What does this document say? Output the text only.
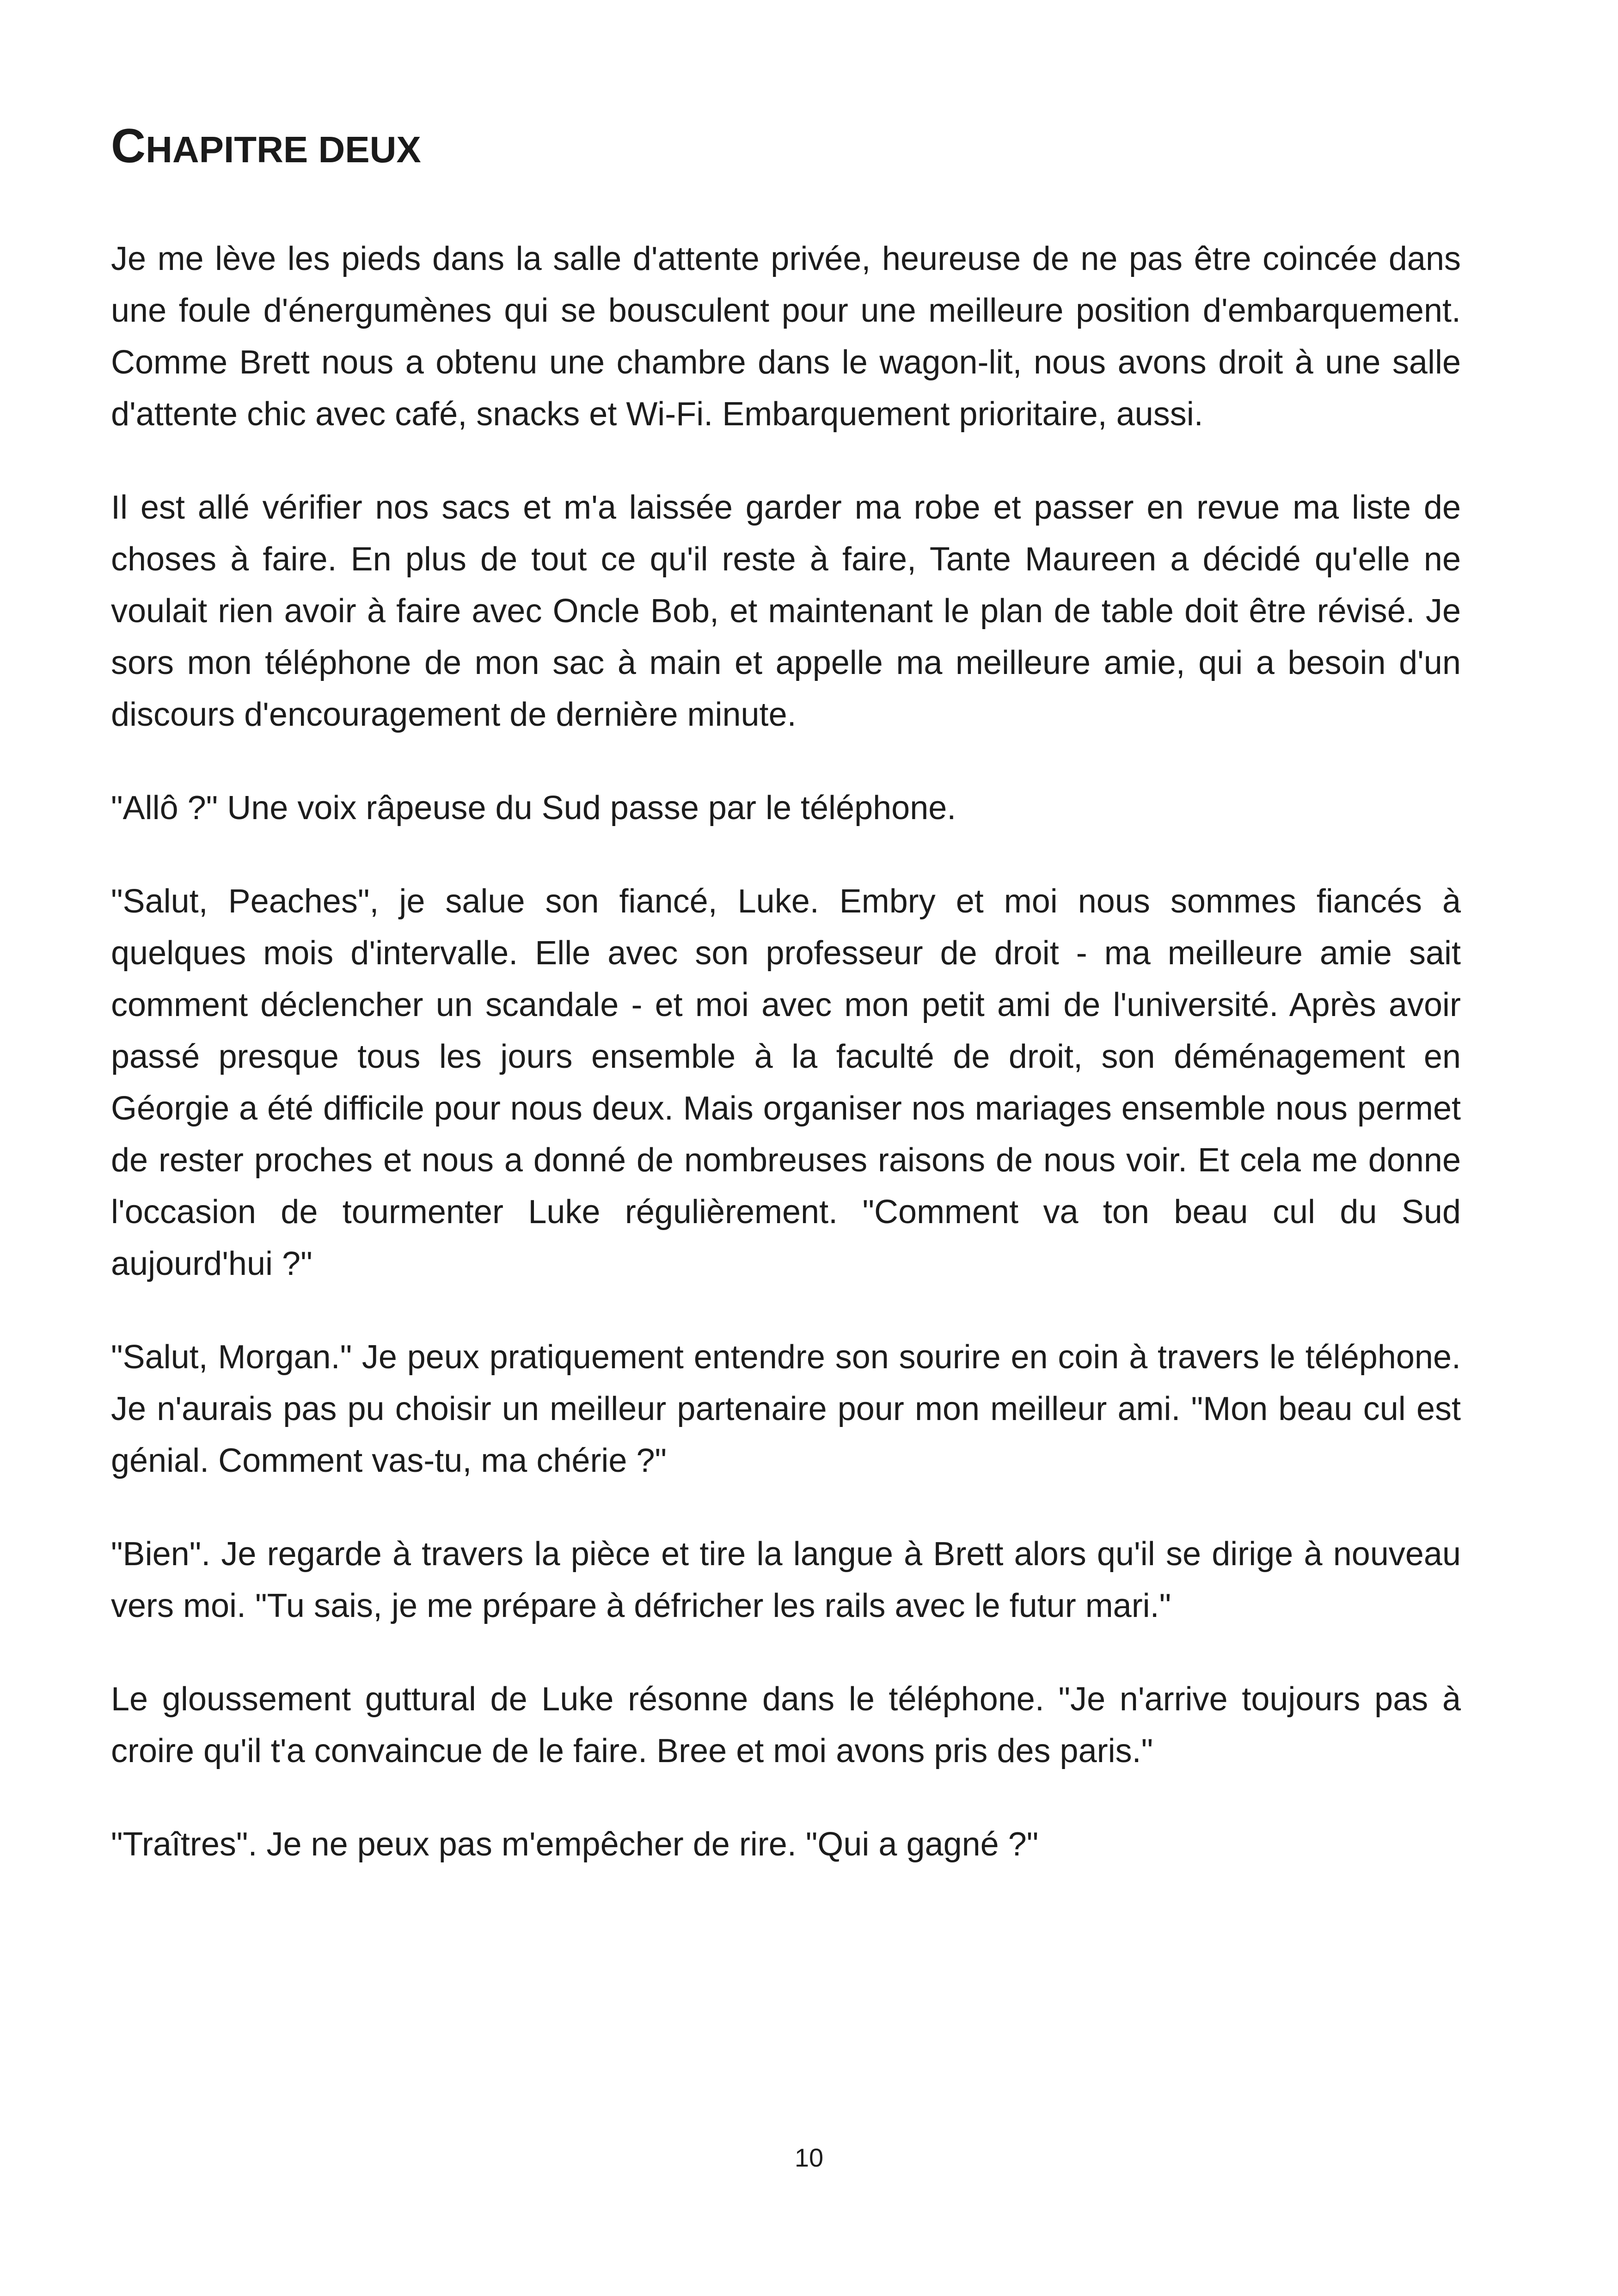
CHAPITRE DEUX

Je me lève les pieds dans la salle d'attente privée, heureuse de ne pas être coincée dans une foule d'énergumènes qui se bousculent pour une meilleure position d'embarquement. Comme Brett nous a obtenu une chambre dans le wagon-lit, nous avons droit à une salle d'attente chic avec café, snacks et Wi-Fi. Embarquement prioritaire, aussi.

Il est allé vérifier nos sacs et m'a laissée garder ma robe et passer en revue ma liste de choses à faire. En plus de tout ce qu'il reste à faire, Tante Maureen a décidé qu'elle ne voulait rien avoir à faire avec Oncle Bob, et maintenant le plan de table doit être révisé. Je sors mon téléphone de mon sac à main et appelle ma meilleure amie, qui a besoin d'un discours d'encouragement de dernière minute.

"Allô ?" Une voix râpeuse du Sud passe par le téléphone.

"Salut, Peaches", je salue son fiancé, Luke. Embry et moi nous sommes fiancés à quelques mois d'intervalle. Elle avec son professeur de droit - ma meilleure amie sait comment déclencher un scandale - et moi avec mon petit ami de l'université. Après avoir passé presque tous les jours ensemble à la faculté de droit, son déménagement en Géorgie a été difficile pour nous deux. Mais organiser nos mariages ensemble nous permet de rester proches et nous a donné de nombreuses raisons de nous voir. Et cela me donne l'occasion de tourmenter Luke régulièrement. "Comment va ton beau cul du Sud aujourd'hui ?"

"Salut, Morgan." Je peux pratiquement entendre son sourire en coin à travers le téléphone. Je n'aurais pas pu choisir un meilleur partenaire pour mon meilleur ami. "Mon beau cul est génial. Comment vas-tu, ma chérie ?"

"Bien". Je regarde à travers la pièce et tire la langue à Brett alors qu'il se dirige à nouveau vers moi. "Tu sais, je me prépare à défricher les rails avec le futur mari."

Le gloussement guttural de Luke résonne dans le téléphone. "Je n'arrive toujours pas à croire qu'il t'a convaincue de le faire. Bree et moi avons pris des paris."

"Traîtres". Je ne peux pas m'empêcher de rire. "Qui a gagné ?"

10
